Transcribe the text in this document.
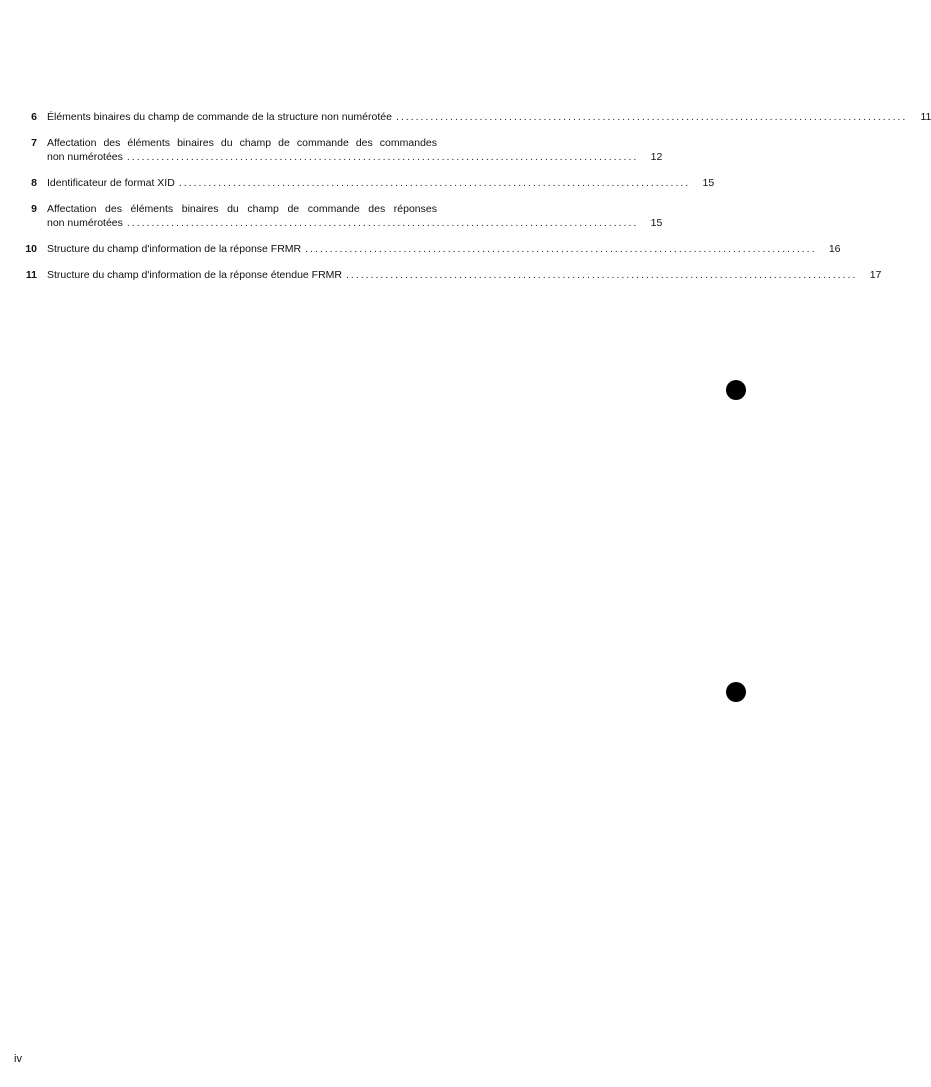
6 Éléments binaires du champ de commande de la structure non numérotée ........................................................................................................	11
7 Affectation des éléments binaires du champ de commande des commandes
non numérotées ........................................................................................................	12
8 Identificateur de format XID ........................................................................................................	15
9 Affectation des éléments binaires du champ de commande des réponses
non numérotées ........................................................................................................	15
10 Structure du champ d'information de la réponse FRMR ........................................................................................................	16
11 Structure du champ d'information de la réponse étendue FRMR ........................................................................................................	17
iv
